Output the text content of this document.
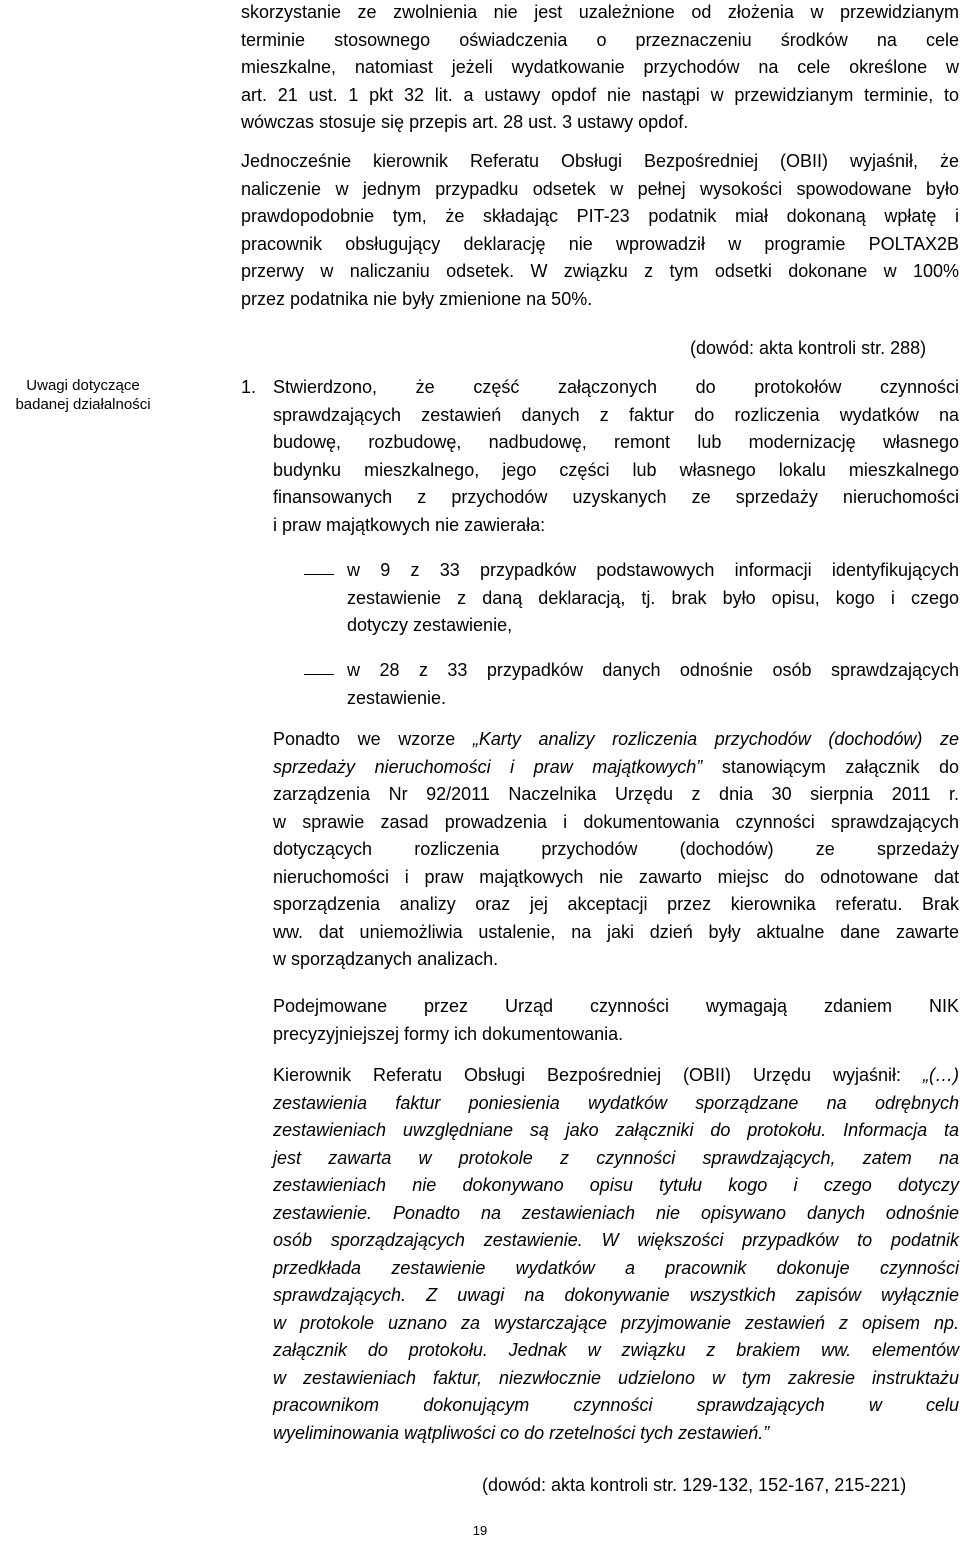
Uwagi dotyczące
badanej działalności
skorzystanie ze zwolnienia nie jest uzależnione od złożenia w przewidzianym
terminie stosownego oświadczenia o przeznaczeniu środków na cele
mieszkalne, natomiast jeżeli wydatkowanie przychodów na cele określone w
art. 21 ust. 1 pkt 32 lit. a ustawy opdof nie nastąpi w przewidzianym terminie, to
wówczas stosuje się przepis art. 28 ust. 3 ustawy opdof.
Jednocześnie kierownik Referatu Obsługi Bezpośredniej (OBII) wyjaśnił, że
naliczenie w jednym przypadku odsetek w pełnej wysokości spowodowane było
prawdopodobnie tym, że składając PIT-23 podatnik miał dokonaną wpłatę i
pracownik obsługujący deklarację nie wprowadził w programie POLTAX2B
przerwy w naliczaniu odsetek. W związku z tym odsetki dokonane w 100%
przez podatnika nie były zmienione na 50%.
(dowód: akta kontroli str. 288)
1. Stwierdzono, że część załączonych do protokołów czynności
sprawdzających zestawień danych z faktur do rozliczenia wydatków na
budowę, rozbudowę, nadbudowę, remont lub modernizację własnego
budynku mieszkalnego, jego części lub własnego lokalu mieszkalnego
finansowanych z przychodów uzyskanych ze sprzedaży nieruchomości
i praw majątkowych nie zawierała:
w 9 z 33 przypadków podstawowych informacji identyfikujących
zestawienie z daną deklaracją, tj. brak było opisu, kogo i czego
dotyczy zestawienie,
w 28 z 33 przypadków danych odnośnie osób sprawdzających
zestawienie.
Ponadto we wzorze „Karty analizy rozliczenia przychodów (dochodów) ze
sprzedaży nieruchomości i praw majątkowych” stanowiącym załącznik do
zarządzenia Nr 92/2011 Naczelnika Urzędu z dnia 30 sierpnia 2011 r.
w sprawie zasad prowadzenia i dokumentowania czynności sprawdzających
dotyczących rozliczenia przychodów (dochodów) ze sprzedaży
nieruchomości i praw majątkowych nie zawarto miejsc do odnotowane dat
sporządzenia analizy oraz jej akceptacji przez kierownika referatu. Brak
ww. dat uniemożliwia ustalenie, na jaki dzień były aktualne dane zawarte
w sporządzanych analizach.
Podejmowane przez Urząd czynności wymagają zdaniem NIK
precyzyjniejszej formy ich dokumentowania.
Kierownik Referatu Obsługi Bezpośredniej (OBII) Urzędu wyjaśnił: „(…)
zestawienia faktur poniesienia wydatków sporządzane na odrębnych
zestawieniach uwzględniane są jako załączniki do protokołu. Informacja ta
jest zawarta w protokole z czynności sprawdzających, zatem na
zestawieniach nie dokonywano opisu tytułu kogo i czego dotyczy
zestawienie. Ponadto na zestawieniach nie opisywano danych odnośnie
osób sporządzających zestawienie. W większości przypadków to podatnik
przedkłada zestawienie wydatków a pracownik dokonuje czynności
sprawdzających. Z uwagi na dokonywanie wszystkich zapisów wyłącznie
w protokole uznano za wystarczające przyjmowanie zestawień z opisem np.
załącznik do protokołu. Jednak w związku z brakiem ww. elementów
w zestawieniach faktur, niezwłocznie udzielono w tym zakresie instruktażu
pracownikom dokonującym czynności sprawdzających w celu
wyeliminowania wątpliwości co do rzetelności tych zestawień.”
(dowód: akta kontroli str. 129-132, 152-167, 215-221)
19
